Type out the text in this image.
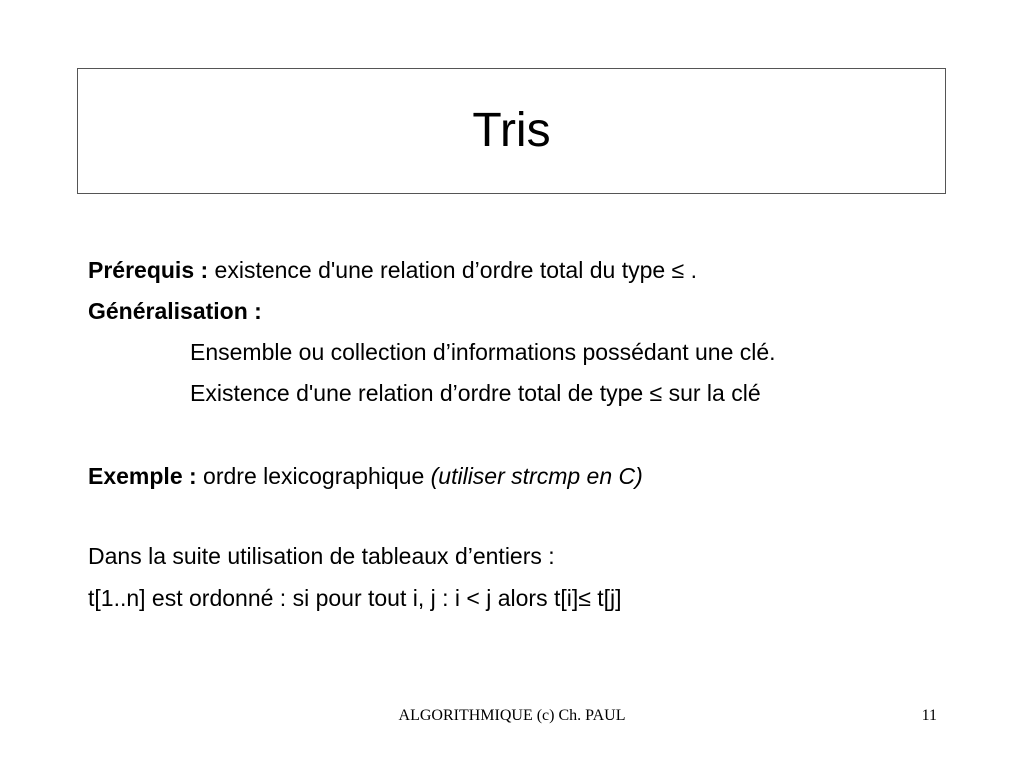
Tris
Prérequis : existence d'une relation d’ordre total du type ≤ .
Généralisation :
Ensemble ou collection d’informations possédant une clé.
Existence d'une relation d’ordre total de type ≤ sur la clé
Exemple : ordre lexicographique (utiliser strcmp en C)
Dans la suite utilisation de tableaux d’entiers :
t[1..n] est ordonné : si pour tout i, j : i < j alors t[i]≤ t[j]
ALGORITHMIQUE (c) Ch. PAUL	11
